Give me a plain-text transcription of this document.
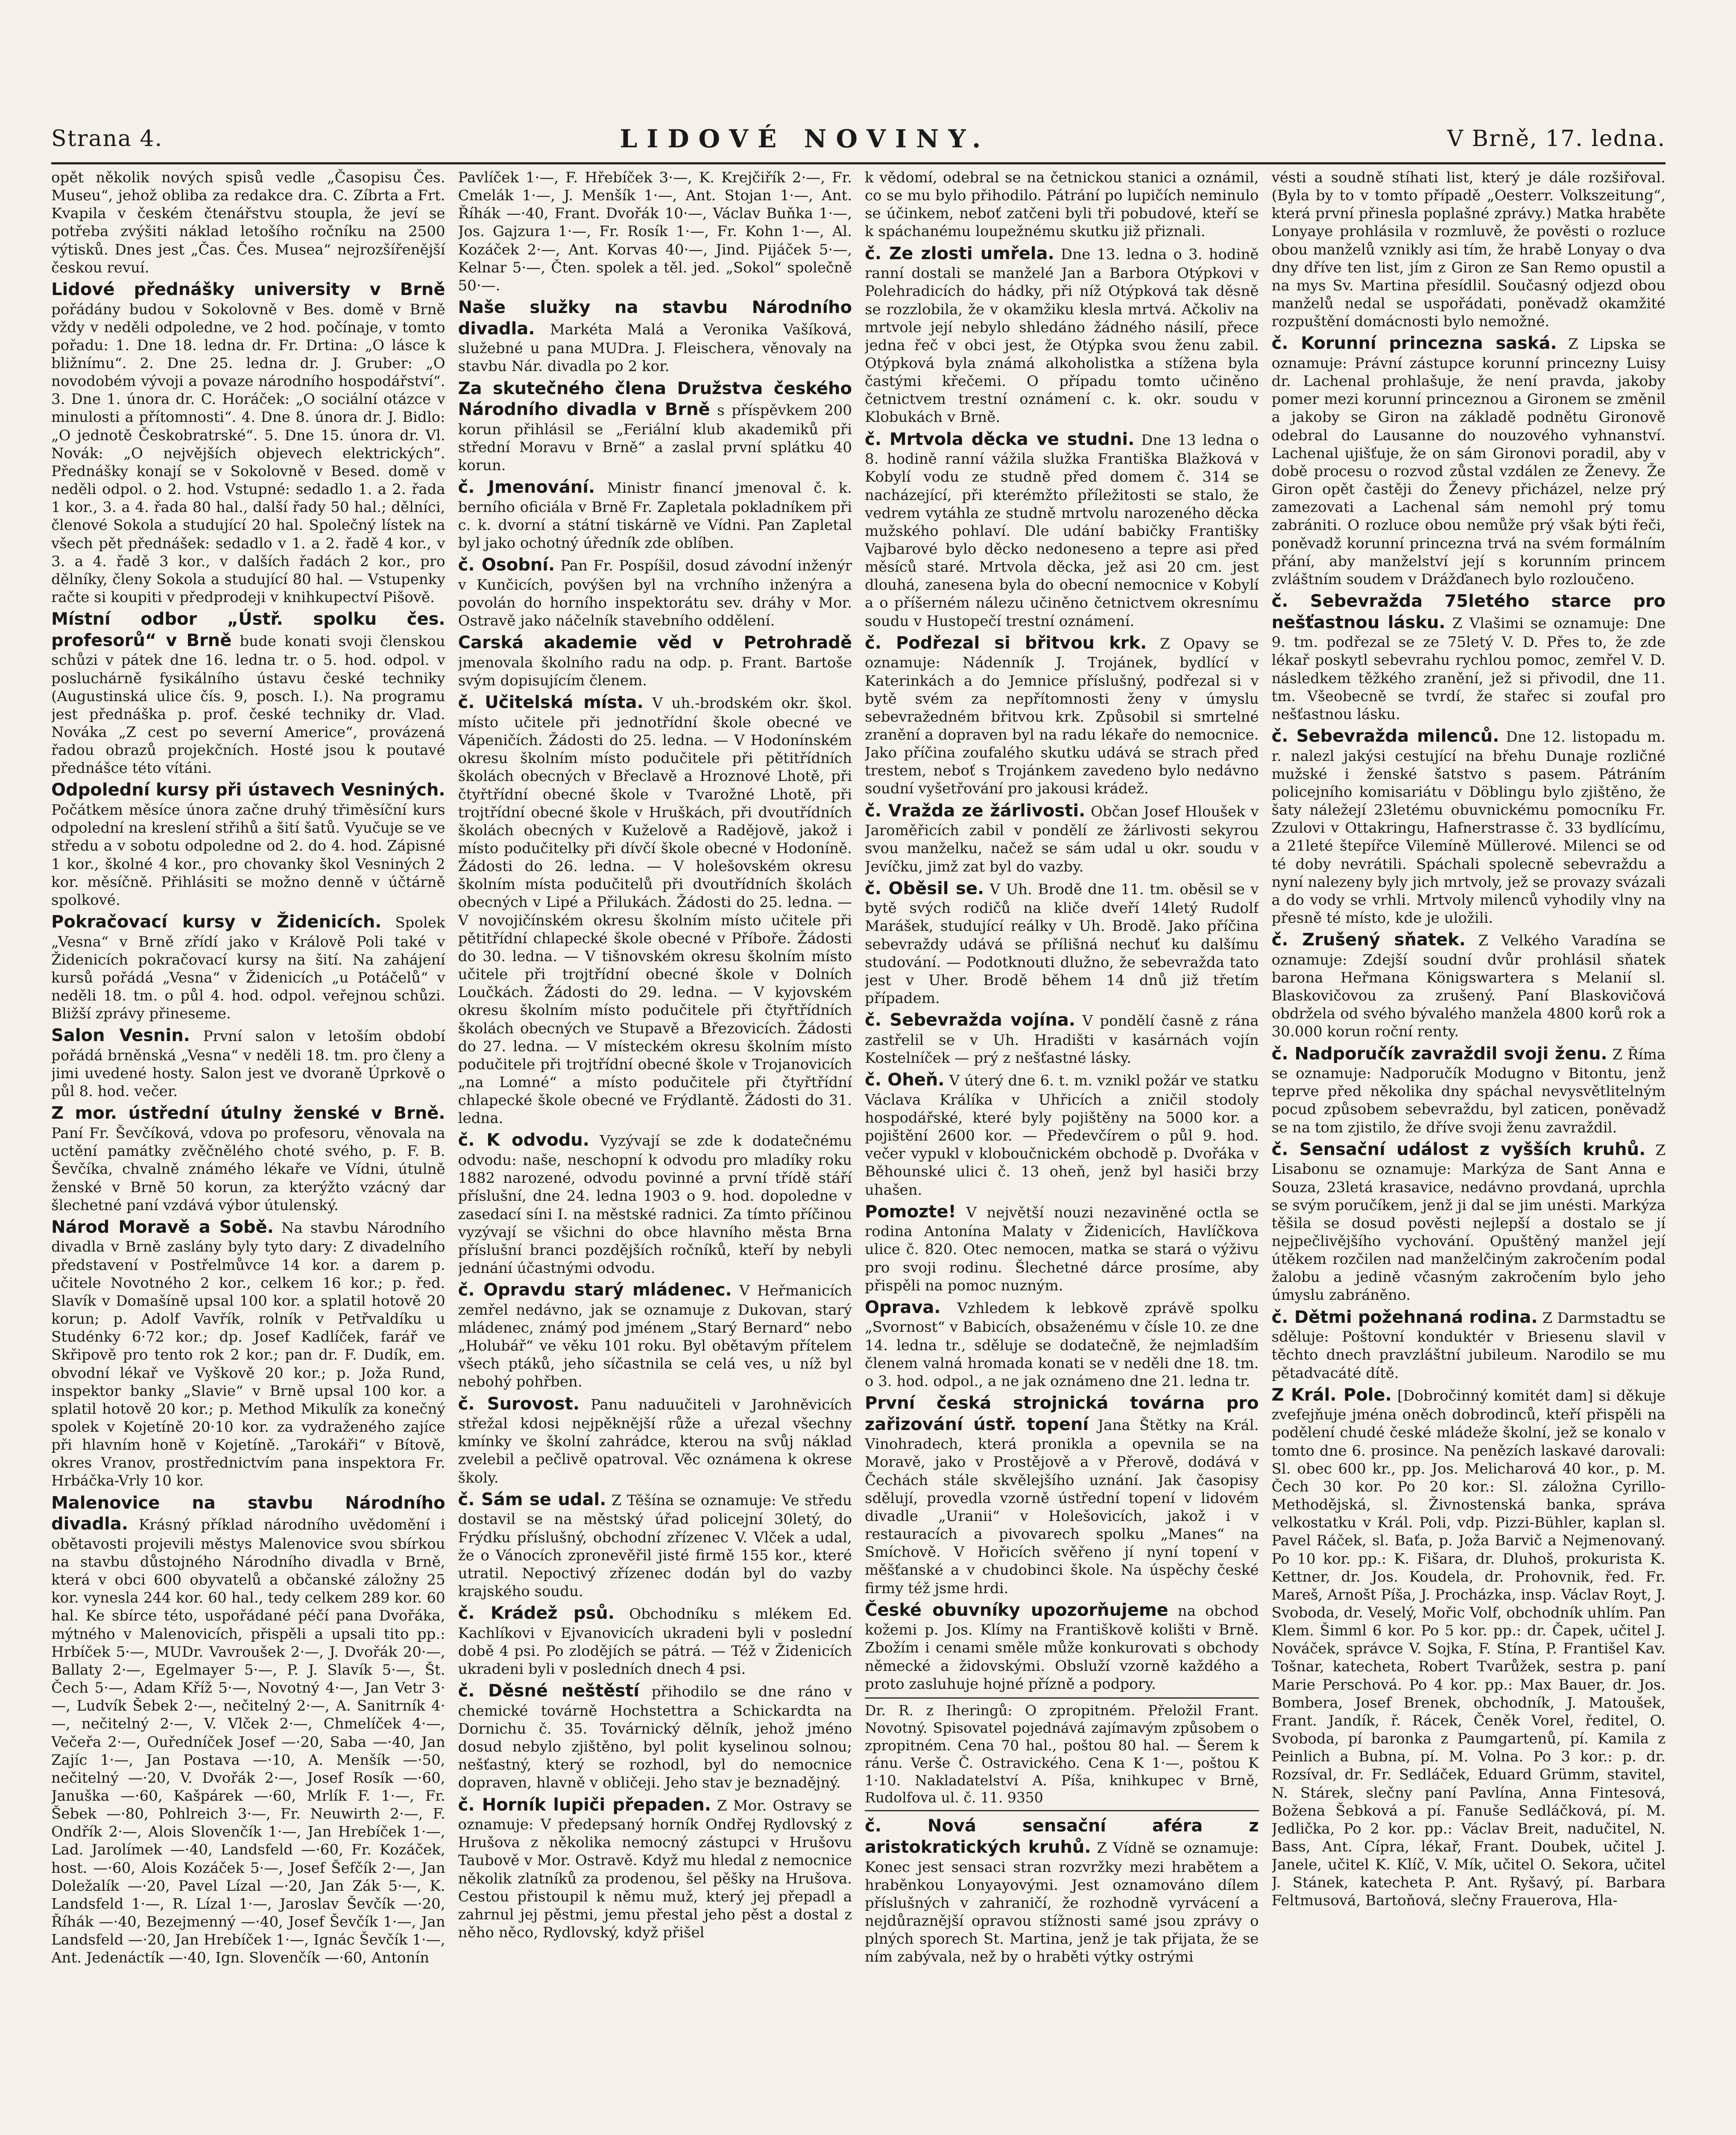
Strana 4.	LIDOVÉ NOVINY.	V Brně, 17. ledna.

opět několik nových spisů vedle „Časopisu Čes. Museu“, jehož obliba za redakce dra. C. Zíbrta a Frt. Kvapila v českém čtenářstvu stoupla, že jeví se potřeba zvýšiti náklad letošího ročníku na 2500 výtisků. Dnes jest „Čas. Čes. Musea“ nejrozšířenější českou revuí.

Lidové přednášky university v Brně pořádány budou v Sokolovně v Bes. domě v Brně vždy v neděli odpoledne, ve 2 hod. počínaje, v tomto pořadu: 1. Dne 18. ledna dr. Fr. Drtina: „O lásce k bližnímu“. 2. Dne 25. ledna dr. J. Gruber: „O novodobém vývoji a povaze národního hospodářství“. 3. Dne 1. února dr. C. Horáček: „O sociální otázce v minulosti a přítomnosti“. 4. Dne 8. února dr. J. Bidlo: „O jednotě Českobratrské“. 5. Dne 15. února dr. Vl. Novák: „O nejvějších objevech elektrických“. Přednášky konají se v Sokolovně v Besed. domě v neděli odpol. o 2. hod. Vstupné: sedadlo 1. a 2. řada 1 kor., 3. a 4. řada 80 hal., další řady 50 hal.; dělníci, členové Sokola a studující 20 hal. Společný lístek na všech pět přednášek: sedadlo v 1. a 2. řadě 4 kor., v 3. a 4. řadě 3 kor., v dalších řadách 2 kor., pro dělníky, členy Sokola a studující 80 hal. — Vstupenky račte si koupiti v předprodeji v knihkupectví Pišově.

Místní odbor „Ústř. spolku čes. profesorů“ v Brně bude konati svoji členskou schůzi v pátek dne 16. ledna tr. o 5. hod. odpol. v posluchárně fysikálního ústavu české techniky (Augustinská ulice čís. 9, posch. I.). Na programu jest přednáška p. prof. české techniky dr. Vlad. Nováka „Z cest po severní Americe“, provázená řadou obrazů projekčních. Hosté jsou k poutavé přednášce této vítáni.

Odpolední kursy při ústavech Vesniných. Počátkem měsíce února začne druhý třiměsíční kurs odpolední na kreslení střihů a šití šatů. Vyučuje se ve středu a v sobotu odpoledne od 2. do 4. hod. Zápisné 1 kor., školné 4 kor., pro chovanky škol Vesniných 2 kor. měsíčně. Přihlásiti se možno denně v účtárně spolkové.

Pokračovací kursy v Židenicích. Spolek „Vesna“ v Brně zřídí jako v Králově Poli také v Židenicích pokračovací kursy na šití. Na zahájení kursů pořádá „Vesna“ v Židenicích „u Potáčelů“ v neděli 18. tm. o půl 4. hod. odpol. veřejnou schůzi. Bližší zprávy přineseme.

Salon Vesnin. První salon v letoším období pořádá brněnská „Vesna“ v neděli 18. tm. pro členy a jimi uvedené hosty. Salon jest ve dvoraně Úprkově o půl 8. hod. večer.

Z mor. ústřední útulny ženské v Brně. Paní Fr. Ševčíková, vdova po profesoru, věnovala na uctění památky zvěčnělého choté svého, p. F. B. Ševčíka, chvalně známého lékaře ve Vídni, útulně ženské v Brně 50 korun, za kterýžto vzácný dar šlechetné paní vzdává výbor útulenský.

Národ Moravě a Sobě. Na stavbu Národního divadla v Brně zaslány byly tyto dary: Z divadelního představení v Postřelmůvce 14 kor. a darem p. učitele Novotného 2 kor., celkem 16 kor.; p. řed. Slavík v Domašíně upsal 100 kor. a splatil hotově 20 korun; p. Adolf Vavřík, rolník v Petřvaldíku u Studénky 6·72 kor.; dp. Josef Kadlíček, farář ve Skřipově pro tento rok 2 kor.; pan dr. F. Dudík, em. obvodní lékař ve Vyškově 20 kor.; p. Joža Rund, inspektor banky „Slavie“ v Brně upsal 100 kor. a splatil hotově 20 kor.; p. Method Mikulík za konečný spolek v Kojetíně 20·10 kor. za vydraženého zajíce při hlavním honě v Kojetíně. „Tarokáři“ v Bítově, okres Vranov, prostřednictvím pana inspektora Fr. Hrbáčka-Vrly 10 kor.

Malenovice na stavbu Národního divadla. Krásný příklad národního uvědomění i obětavosti projevili městys Malenovice svou sbírkou na stavbu důstojného Národního divadla v Brně, která v obci 600 obyvatelů a občanské záložny 25 kor. vynesla 244 kor. 60 hal., tedy celkem 289 kor. 60 hal. Ke sbírce této, uspořádané péčí pana Dvořáka, mýtného v Malenovicích, přispěli a upsali tito pp.: Hrbíček 5·—, MUDr. Vavroušek 2·—, J. Dvořák 20·—, Ballaty 2·—, Egelmayer 5·—, P. J. Slavík 5·—, Št. Čech 5·—, Adam Kříž 5·—, Novotný 4·—, Jan Vetr 3·—, Ludvík Šebek 2·—, nečitelný 2·—, A. Sanitrník 4·—, nečitelný 2·—, V. Vlček 2·—, Chmelíček 4·—, Večeřa 2·—, Ouředníček Josef —·20, Saba —·40, Jan Zajíc 1·—, Jan Postava —·10, A. Menšík —·50, nečitelný —·20, V. Dvořák 2·—, Josef Rosík —·60, Januška —·60, Kašpárek —·60, Mrlík F. 1·—, Fr. Šebek —·80, Pohlreich 3·—, Fr. Neuwirth 2·—, F. Ondřík 2·—, Alois Slovenčík 1·—, Jan Hrebíček 1·—, Lad. Jarolímek —·40, Landsfeld —·60, Fr. Kozáček, host. —·60, Alois Kozáček 5·—, Josef Šefčík 2·—, Jan Doležalík —·20, Pavel Lízal —·20, Jan Zák 5·—, K. Landsfeld 1·—, R. Lízal 1·—, Jaroslav Ševčík —·20, Říhák —·40, Bezejmenný —·40, Josef Ševčík 1·—, Jan Landsfeld —·20, Jan Hrebíček 1·—, Ignác Ševčík 1·—, Ant. Jedenáctík —·40, Ign. Slovenčík —·60, Antonín

Pavlíček 1·—, F. Hřebíček 3·—, K. Krejčiřík 2·—, Fr. Cmelák 1·—, J. Menšík 1·—, Ant. Stojan 1·—, Ant. Říhák —·40, Frant. Dvořák 10·—, Václav Buňka 1·—, Jos. Gajzura 1·—, Fr. Rosík 1·—, Fr. Kohn 1·—, Al. Kozáček 2·—, Ant. Korvas 40·—, Jind. Pijáček 5·—, Kelnar 5·—, Čten. spolek a těl. jed. „Sokol“ společně 50·—.

Naše služky na stavbu Národního divadla. Markéta Malá a Veronika Vašíková, služebné u pana MUDra. J. Fleischera, věnovaly na stavbu Nár. divadla po 2 kor.

Za skutečného člena Družstva českého Národního divadla v Brně s příspěvkem 200 korun přihlásil se „Feriální klub akademiků při střední Moravu v Brně“ a zaslal první splátku 40 korun.

č. Jmenování. Ministr financí jmenoval č. k. berního oficiála v Brně Fr. Zapletala pokladníkem při c. k. dvorní a státní tiskárně ve Vídni. Pan Zapletal byl jako ochotný úředník zde oblíben.

č. Osobní. Pan Fr. Pospíšil, dosud závodní inženýr v Kunčicích, povýšen byl na vrchního inženýra a povolán do horního inspektorátu sev. dráhy v Mor. Ostravě jako náčelník stavebního oddělení.

Carská akademie věd v Petrohradě jmenovala školního radu na odp. p. Frant. Bartoše svým dopisujícím členem.

č. Učitelská místa. V uh.-brodském okr. škol. místo učitele při jednotřídní škole obecné ve Vápeničích. Žádosti do 25. ledna. — V Hodonínském okresu školním místo podučitele při pětitřídních školách obecných v Břeclavě a Hroznové Lhotě, při čtyřtřídní obecné škole v Tvarožné Lhotě, při trojtřídní obecné škole v Hruškách, při dvoutřídních školách obecných v Kuželově a Radějově, jakož i místo podučitelky při dívčí škole obecné v Hodoníně. Žádosti do 26. ledna. — V holešovském okresu školním místa podučitelů při dvoutřídních školách obecných v Lipé a Přilukách. Žádosti do 25. ledna. — V novojičínském okresu školním místo učitele při pětitřídní chlapecké škole obecné v Příboře. Žádosti do 30. ledna. — V tišnovském okresu školním místo učitele při trojtřídní obecné škole v Dolních Loučkách. Žádosti do 29. ledna. — V kyjovském okresu školním místo podučitele při čtyřtřídních školách obecných ve Stupavě a Březovicích. Žádosti do 27. ledna. — V místeckém okresu školním místo podučitele při trojtřídní obecné škole v Trojanovicích „na Lomné“ a místo podučitele při čtyřtřídní chlapecké škole obecné ve Frýdlantě. Žádosti do 31. ledna.

č. K odvodu. Vyzývají se zde k dodatečnému odvodu: naše, neschopní k odvodu pro mladíky roku 1882 narozené, odvodu povinné a první třídě stáří příslušní, dne 24. ledna 1903 o 9. hod. dopoledne v zasedací síni I. na městské radnici. Za tímto příčinou vyzývají se všichni do obce hlavního města Brna příslušní branci pozdějších ročníků, kteří by nebyli jednání účastnými odvodu.

č. Opravdu starý mládenec. V Heřmanicích zemřel nedávno, jak se oznamuje z Dukovan, starý mládenec, známý pod jménem „Starý Bernard“ nebo „Holubář“ ve věku 101 roku. Byl obětavým přítelem všech ptáků, jeho síčastnila se celá ves, u níž byl nebohý pohřben.

č. Surovost. Panu naduučiteli v Jarohněvicích střežal kdosi nejpěknější růže a uřezal všechny kmínky ve školní zahrádce, kterou na svůj náklad zvelebil a pečlivě opatroval. Věc oznámena k okrese školy.

č. Sám se udal. Z Těšína se oznamuje: Ve středu dostavil se na městský úřad policejní 30letý, do Frýdku příslušný, obchodní zřízenec V. Vlček a udal, že o Vánocích zpronevěřil jisté firmě 155 kor., které utratil. Nepoctivý zřízenec dodán byl do vazby krajského soudu.

č. Krádež psů. Obchodníku s mlékem Ed. Kachlíkovi v Ejvanovicích ukradeni byli v poslední době 4 psi. Po zlodějích se pátrá. — Též v Židenicích ukradeni byli v posledních dnech 4 psi.

č. Děsné neštěstí přihodilo se dne ráno v chemické továrně Hochstettra a Schickardta na Dornichu č. 35. Továrnický dělník, jehož jméno dosud nebylo zjištěno, byl polit kyselinou solnou; nešťastný, který se rozhodl, byl do nemocnice dopraven, hlavně v obličeji. Jeho stav je beznadějný.

č. Horník lupiči přepaden. Z Mor. Ostravy se oznamuje: V předepsaný horník Ondřej Rydlovský z Hrušova z několika nemocný zástupci v Hrušovu Taubově v Mor. Ostravě. Když mu hledal z nemocnice několik zlatníků za prodenou, šel pěšky na Hrušova. Cestou přistoupil k němu muž, který jej přepadl a zahrnul jej pěstmi, jemu přestal jeho pěst a dostal z něho něco, Rydlovský, když přišel

k vědomí, odebral se na četnickou stanici a oznámil, co se mu bylo přihodilo. Pátrání po lupičích neminulo se účinkem, neboť zatčeni byli tři pobudové, kteří se k spáchanému loupežnému skutku již přiznali.

č. Ze zlosti umřela. Dne 13. ledna o 3. hodině ranní dostali se manželé Jan a Barbora Otýpkovi v Polehradicích do hádky, při níž Otýpková tak děsně se rozzlobila, že v okamžiku klesla mrtvá. Ačkoliv na mrtvole její nebylo shledáno žádného násilí, přece jedna řeč v obci jest, že Otýpka svou ženu zabil. Otýpková byla známá alkoholistka a stížena byla častými křečemi. O případu tomto učiněno četnictvem trestní oznámení c. k. okr. soudu v Klobukách v Brně.

č. Mrtvola děcka ve studni. Dne 13 ledna o 8. hodině ranní vážila služka Františka Blažková v Kobylí vodu ze studně před domem č. 314 se nacházející, při kterémžto příležitosti se stalo, že vedrem vytáhla ze studně mrtvolu narozeného děcka mužského pohlaví. Dle udání babičky Františky Vajbarové bylo děcko nedoneseno a tepre asi před měsíců staré. Mrtvola děcka, jež asi 20 cm. jest dlouhá, zanesena byla do obecní nemocnice v Kobylí a o příšerném nálezu učiněno četnictvem okresnímu soudu v Hustopečí trestní oznámení.

č. Podřezal si břitvou krk. Z Opavy se oznamuje: Nádenník J. Trojánek, bydlící v Katerinkách a do Jemnice příslušný, podřezal si v bytě svém za nepřítomnosti ženy v úmyslu sebevražedném břitvou krk. Způsobil si smrtelné zranění a dopraven byl na radu lékaře do nemocnice. Jako příčina zoufalého skutku udává se strach před trestem, neboť s Trojánkem zavedeno bylo nedávno soudní vyšetřování pro jakousi krádež.

č. Vražda ze žárlivosti. Občan Josef Hloušek v Jaroměřicích zabil v pondělí ze žárlivosti sekyrou svou manželku, načež se sám udal u okr. soudu v Jevíčku, jimž zat byl do vazby.

č. Oběsil se. V Uh. Brodě dne 11. tm. oběsil se v bytě svých rodičů na kliče dveří 14letý Rudolf Marášek, studující reálky v Uh. Brodě. Jako příčina sebevraždy udává se přílišná nechuť ku dalšímu studování. — Podotknouti dlužno, že sebevražda tato jest v Uher. Brodě během 14 dnů již třetím případem.

č. Sebevražda vojína. V pondělí časně z rána zastřelil se v Uh. Hradišti v kasárnách vojín Kostelníček — prý z nešťastné lásky.

č. Oheň. V úterý dne 6. t. m. vznikl požár ve statku Václava Králíka v Uhřicích a zničil stodoly hospodářské, které byly pojištěny na 5000 kor. a pojištění 2600 kor. — Předevčírem o půl 9. hod. večer vypukl v kloboučnickém obchodě p. Dvořáka v Běhounské ulici č. 13 oheň, jenž byl hasiči brzy uhašen.

Pomozte! V největší nouzi nezaviněné octla se rodina Antonína Malaty v Židenicích, Havlíčkova ulice č. 820. Otec nemocen, matka se stará o výživu pro svoji rodinu. Šlechetné dárce prosíme, aby přispěli na pomoc nuzným.

Oprava. Vzhledem k lebkově zprávě spolku „Svornost“ v Babicích, obsaženému v čísle 10. ze dne 14. ledna tr., sděluje se dodatečně, že nejmladším členem valná hromada konati se v neděli dne 18. tm. o 3. hod. odpol., a ne jak oznámeno dne 21. ledna tr.

První česká strojnická továrna pro zařizování ústř. topení Jana Štětky na Král. Vinohradech, která pronikla a opevnila se na Moravě, jako v Prostějově a v Přerově, dodává v Čechách stále skvělejšího uznání. Jak časopisy sdělují, provedla vzorně ústřední topení v lidovém divadle „Uranii“ v Holešovicích, jakož i v restauracích a pivovarech spolku „Manes“ na Smíchově. V Hořicích svěřeno jí nyní topení v měšťanské a v chudobinci škole. Na úspěchy české firmy též jsme hrdi.

České obuvníky upozorňujeme na obchod kožemi p. Jos. Klímy na Františkově kolišti v Brně. Zbožím i cenami směle může konkurovati s obchody německé a židovskými. Obsluží vzorně každého a proto zasluhuje hojné přízně a podpory.

Dr. R. z Iheringů: O zpropitném. Přeložil Frant. Novotný. Spisovatel pojednává zajímavým způsobem o zpropitném. Cena 70 hal., poštou 80 hal. — Šerem k ránu. Verše Č. Ostravického. Cena K 1·—, poštou K 1·10. Nakladatelství A. Píša, knihkupec v Brně, Rudolfova ul. č. 11. 9350

č. Nová sensační aféra z aristokratických kruhů. Z Vídně se oznamuje: Konec jest sensaci stran rozvržky mezi hrabětem a hraběnkou Lonyayovými. Jest oznamováno dílem příslušných v zahraničí, že rozhodně vyrvácení a nejdůraznější opravou stížnosti samé jsou zprávy o plných sporech St. Martina, jenž je tak přijata, že se ním zabývala, než by o hraběti výtky ostrými

vésti a soudně stíhati list, který je dále rozšiřoval. (Byla by to v tomto případě „Oesterr. Volkszeitung“, která první přinesla poplašné zprávy.) Matka hraběte Lonyaye prohlásila v rozmluvě, že pověsti o rozluce obou manželů vznikly asi tím, že hrabě Lonyay o dva dny dříve ten list, jím z Giron ze San Remo opustil a na mys Sv. Martina přesídlil. Současný odjezd obou manželů nedal se uspořádati, poněvadž okamžité rozpuštění domácnosti bylo nemožné.

č. Korunní princezna saská. Z Lipska se oznamuje: Právní zástupce korunní princezny Luisy dr. Lachenal prohlašuje, že není pravda, jakoby pomer mezi korunní princeznou a Gironem se změnil a jakoby se Giron na základě podnětu Gironově odebral do Lausanne do nouzového vyhnanství. Lachenal ujišťuje, že on sám Gironovi poradil, aby v době procesu o rozvod zůstal vzdálen ze Ženevy. Že Giron opět častěji do Ženevy přicházel, nelze prý zamezovati a Lachenal sám nemohl prý tomu zabrániti. O rozluce obou nemůže prý však býti řeči, poněvadž korunní princezna trvá na svém formálním přání, aby manželství její s korunním princem zvláštním soudem v Drážďanech bylo rozloučeno.

č. Sebevražda 75letého starce pro nešťastnou lásku. Z Vlašimi se oznamuje: Dne 9. tm. podřezal se ze 75letý V. D. Přes to, že zde lékař poskytl sebevrahu rychlou pomoc, zemřel V. D. následkem těžkého zranění, jež si přivodil, dne 11. tm. Všeobecně se tvrdí, že stařec si zoufal pro nešťastnou lásku.

č. Sebevražda milenců. Dne 12. listopadu m. r. nalezl jakýsi cestující na břehu Dunaje rozličné mužské i ženské šatstvo s pasem. Pátráním policejního komisariátu v Döblingu bylo zjištěno, že šaty náležejí 23letému obuvnickému pomocníku Fr. Zzulovi v Ottakringu, Hafnerstrasse č. 33 bydlícímu, a 21leté štepířce Vilemíně Müllerové. Milenci se od té doby nevrátili. Spáchali spolecně sebevraždu a nyní nalezeny byly jich mrtvoly, jež se provazy svázali a do vody se vrhli. Mrtvoly milenců vyhodily vlny na přesně té místo, kde je uložili.

č. Zrušený sňatek. Z Velkého Varadína se oznamuje: Zdejší soudní dvůr prohlásil sňatek barona Heřmana Königswartera s Melanií sl. Blaskovičovou za zrušený. Paní Blaskovičová obdržela od svého bývalého manžela 4800 korů rok a 30.000 korun roční renty.

č. Nadporučík zavraždil svoji ženu. Z Říma se oznamuje: Nadporučík Modugno v Bitontu, jenž teprve před několika dny spáchal nevysvětlitelným pocud způsobem sebevraždu, byl zaticen, poněvadž se na tom zjistilo, že dříve svoji ženu zavraždil.

č. Sensační událost z vyšších kruhů. Z Lisabonu se oznamuje: Markýza de Sant Anna e Souza, 23letá krasavice, nedávno provdaná, uprchla se svým poručíkem, jenž ji dal se jim unésti. Markýza těšila se dosud pověsti nejlepší a dostalo se jí nejpečlivějšího vychování. Opuštěný manžel její útěkem rozčilen nad manželčiným zakročením podal žalobu a jedině včasným zakročením bylo jeho úmyslu zabráněno.

č. Dětmi požehnaná rodina. Z Darmstadtu se sděluje: Poštovní konduktér v Briesenu slavil v těchto dnech pravzláštní jubileum. Narodilo se mu pětadvacáté dítě.

Z Král. Pole. [Dobročinný komitét dam] si děkuje zvefejňuje jména oněch dobrodinců, kteří přispěli na podělení chudé české mládeže školní, jež se konalo v tomto dne 6. prosince. Na penězích laskavé darovali: Sl. obec 600 kr., pp. Jos. Melicharová 40 kor., p. M. Čech 30 kor. Po 20 kor.: Sl. záložna Cyrillo-Methodějská, sl. Živnostenská banka, správa velkostatku v Král. Poli, vdp. Pizzi-Bühler, kaplan sl. Pavel Ráček, sl. Baťa, p. Joža Barvič a Nejmenovaný. Po 10 kor. pp.: K. Fišara, dr. Dluhoš, prokurista K. Kettner, dr. Jos. Koudela, dr. Prohovnik, řed. Fr. Mareš, Arnošt Píša, J. Procházka, insp. Václav Royt, J. Svoboda, dr. Veselý, Mořic Volf, obchodník uhlím. Pan Klem. Šimml 6 kor. Po 5 kor. pp.: dr. Čapek, učitel J. Nováček, správce V. Sojka, F. Stína, P. Františel Kav. Tošnar, katecheta, Robert Tvarůžek, sestra p. paní Marie Perschová. Po 4 kor. pp.: Max Bauer, dr. Jos. Bombera, Josef Brenek, obchodník, J. Matoušek, Frant. Jandík, ř. Rácek, Čeněk Vorel, ředitel, O. Svoboda, pí baronka z Paumgartenů, pí. Kamila z Peinlich a Bubna, pí. M. Volna. Po 3 kor.: p. dr. Rozsíval, dr. Fr. Sedláček, Eduard Grümm, stavitel, N. Stárek, slečny paní Pavlína, Anna Fintesová, Božena Šebková a pí. Fanuše Sedláčková, pí. M. Jedlička, Po 2 kor. pp.: Václav Breit, nadučitel, N. Bass, Ant. Cípra, lékař, Frant. Doubek, učitel J. Janele, učitel K. Klíč, V. Mík, učitel O. Sekora, učitel J. Stánek, katecheta P. Ant. Ryšavý, pí. Barbara Feltmusová, Bartoňová, slečny Frauerova, Hla-
